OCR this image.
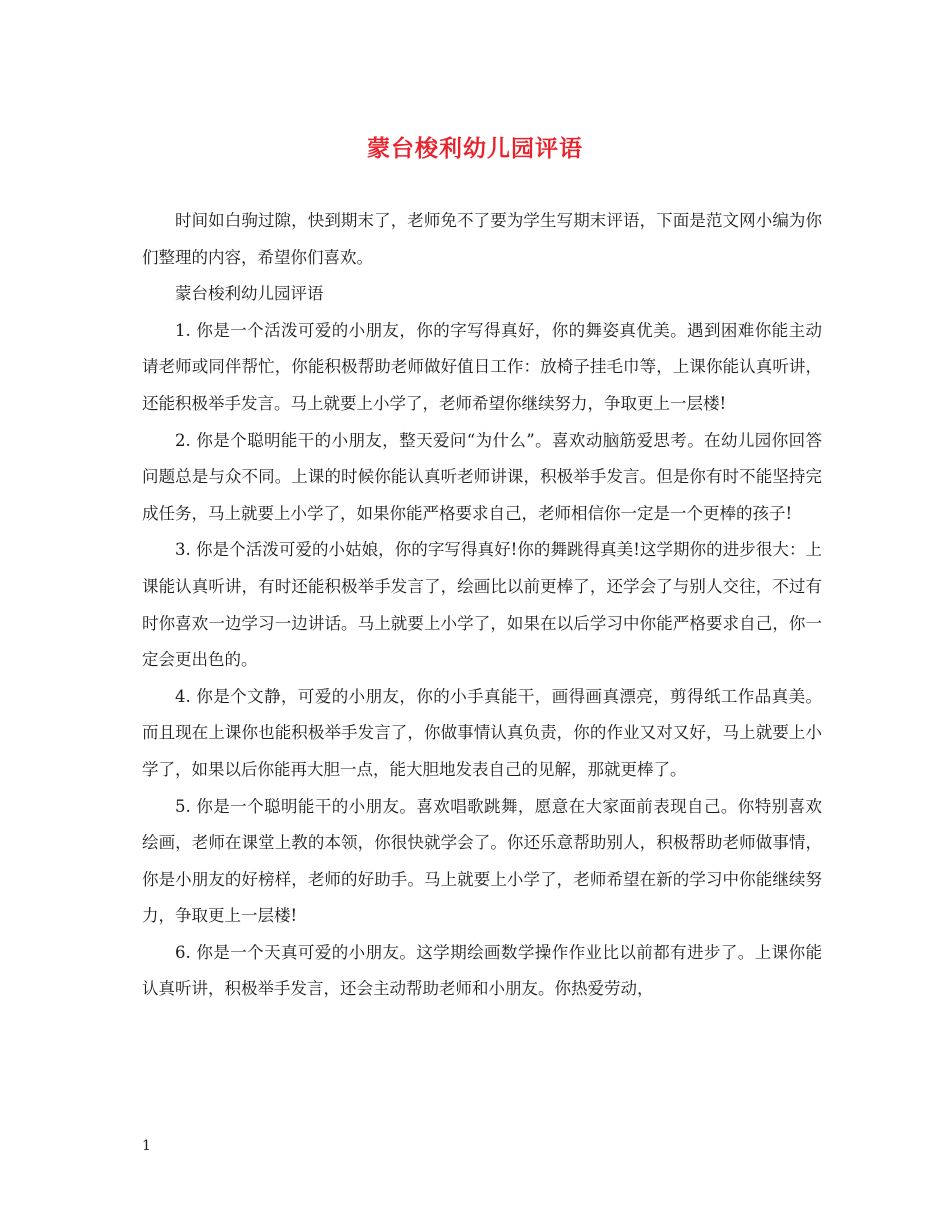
蒙台梭利幼儿园评语

时间如白驹过隙，快到期末了，老师免不了要为学生写期末评语，下面是范文网小编为你们整理的内容，希望你们喜欢。

蒙台梭利幼儿园评语

1. 你是一个活泼可爱的小朋友，你的字写得真好，你的舞姿真优美。遇到困难你能主动请老师或同伴帮忙，你能积极帮助老师做好值日工作：放椅子挂毛巾等，上课你能认真听讲，还能积极举手发言。马上就要上小学了，老师希望你继续努力，争取更上一层楼!

2. 你是个聪明能干的小朋友，整天爱问“为什么”。喜欢动脑筋爱思考。在幼儿园你回答问题总是与众不同。上课的时候你能认真听老师讲课，积极举手发言。但是你有时不能坚持完成任务，马上就要上小学了，如果你能严格要求自己，老师相信你一定是一个更棒的孩子!

3. 你是个活泼可爱的小姑娘，你的字写得真好!你的舞跳得真美!这学期你的进步很大：上课能认真听讲，有时还能积极举手发言了，绘画比以前更棒了，还学会了与别人交往，不过有时你喜欢一边学习一边讲话。马上就要上小学了，如果在以后学习中你能严格要求自己，你一定会更出色的。

4. 你是个文静，可爱的小朋友，你的小手真能干，画得画真漂亮，剪得纸工作品真美。而且现在上课你也能积极举手发言了，你做事情认真负责，你的作业又对又好，马上就要上小学了，如果以后你能再大胆一点，能大胆地发表自己的见解，那就更棒了。

5. 你是一个聪明能干的小朋友。喜欢唱歌跳舞，愿意在大家面前表现自己。你特别喜欢绘画，老师在课堂上教的本领，你很快就学会了。你还乐意帮助别人，积极帮助老师做事情，你是小朋友的好榜样，老师的好助手。马上就要上小学了，老师希望在新的学习中你能继续努力，争取更上一层楼!

6. 你是一个天真可爱的小朋友。这学期绘画数学操作作业比以前都有进步了。上课你能认真听讲，积极举手发言，还会主动帮助老师和小朋友。你热爱劳动，

1
